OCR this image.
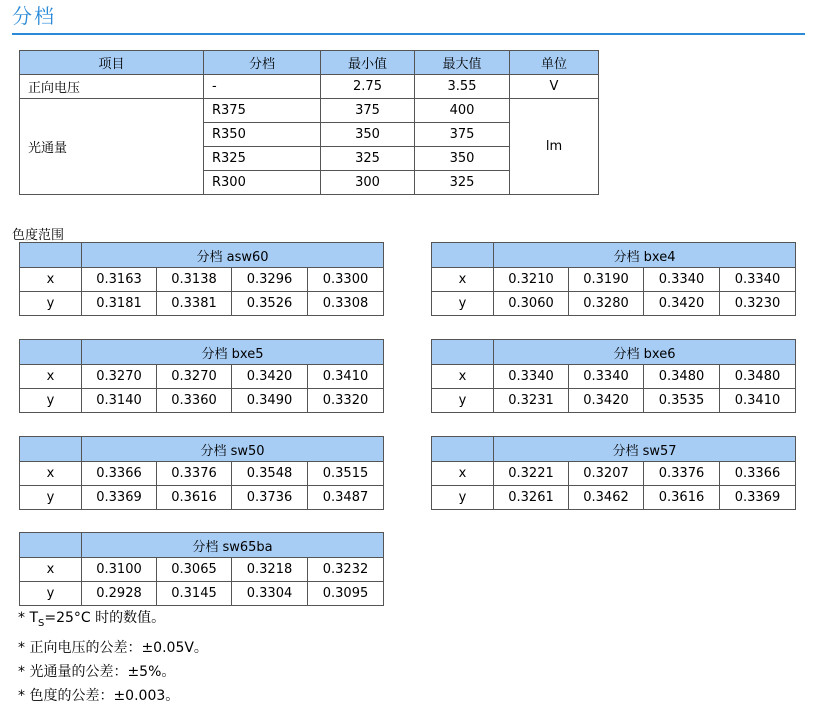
分档
项目	分档	最小值	最大值	单位
正向电压	-	2.75	3.55	V
光通量	R375	375	400	lm
	R350	350	375	
	R325	325	350	
	R300	300	325	
色度范围
	分档 asw60			
x	0.3163	0.3138	0.3296	0.3300
y	0.3181	0.3381	0.3526	0.3308
	分档 bxe4			
x	0.3210	0.3190	0.3340	0.3340
y	0.3060	0.3280	0.3420	0.3230
	分档 bxe5			
x	0.3270	0.3270	0.3420	0.3410
y	0.3140	0.3360	0.3490	0.3320
	分档 bxe6			
x	0.3340	0.3340	0.3480	0.3480
y	0.3231	0.3420	0.3535	0.3410
	分档 sw50			
x	0.3366	0.3376	0.3548	0.3515
y	0.3369	0.3616	0.3736	0.3487
	分档 sw57			
x	0.3221	0.3207	0.3376	0.3366
y	0.3261	0.3462	0.3616	0.3369
	分档 sw65ba			
x	0.3100	0.3065	0.3218	0.3232
y	0.2928	0.3145	0.3304	0.3095
* $T_S=25^\circ C$ 时的数值。
* 正向电压的公差：±0.05V。
* 光通量的公差：±5%。
* 色度的公差：±0.003。
